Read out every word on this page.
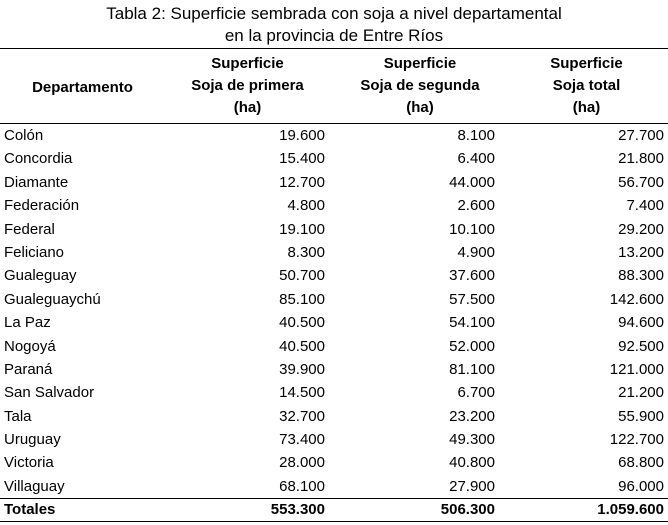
Tabla 2: Superficie sembrada con soja a nivel departamental
en la provincia de Entre Ríos
Departamento
Superficie
Soja de primera
(ha)
Superficie
Soja de segunda
(ha)
Superficie
Soja total
(ha)
Colón	19.600	8.100	27.700
Concordia	15.400	6.400	21.800
Diamante	12.700	44.000	56.700
Federación	4.800	2.600	7.400
Federal	19.100	10.100	29.200
Feliciano	8.300	4.900	13.200
Gualeguay	50.700	37.600	88.300
Gualeguaychú	85.100	57.500	142.600
La Paz	40.500	54.100	94.600
Nogoyá	40.500	52.000	92.500
Paraná	39.900	81.100	121.000
San Salvador	14.500	6.700	21.200
Tala	32.700	23.200	55.900
Uruguay	73.400	49.300	122.700
Victoria	28.000	40.800	68.800
Villaguay	68.100	27.900	96.000
Totales	553.300	506.300	1.059.600
